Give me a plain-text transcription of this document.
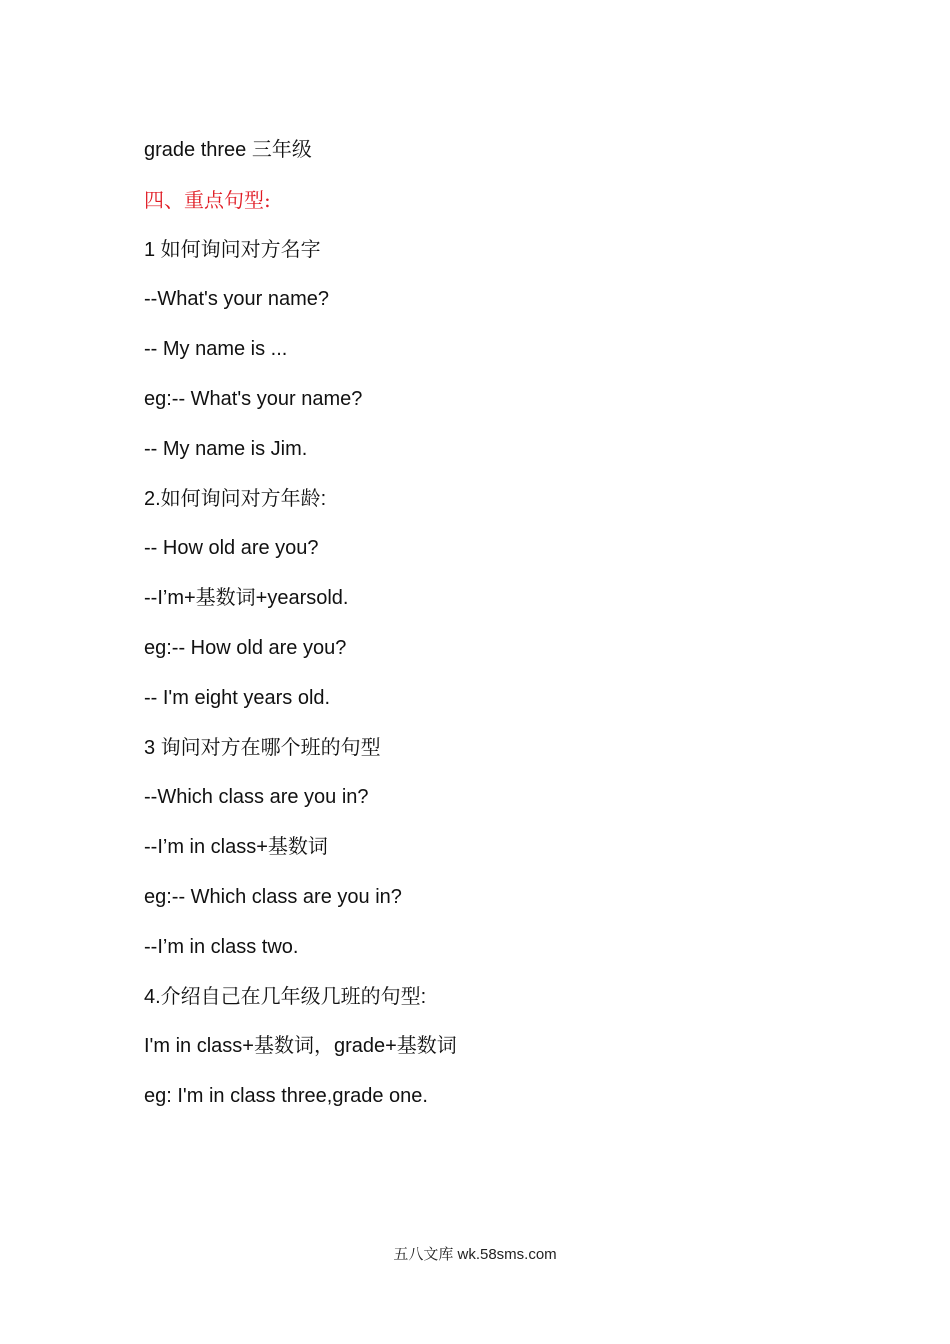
grade three 三年级
四、重点句型:
1 如何询问对方名字
--What's your name?
-- My name is ...
eg:-- What's your name?
-- My name is Jim.
2.如何询问对方年龄:
-- How old are you?
--I’m+基数词+yearsold.
eg:-- How old are you?
-- I'm eight years old.
3 询问对方在哪个班的句型
--Which class are you in?
--I’m in class+基数词
eg:-- Which class are you in?
--I’m in class two.
4.介绍自己在几年级几班的句型:
I'm in class+基数词，grade+基数词
eg: I'm in class three,grade one.
五八文库 wk.58sms.com
